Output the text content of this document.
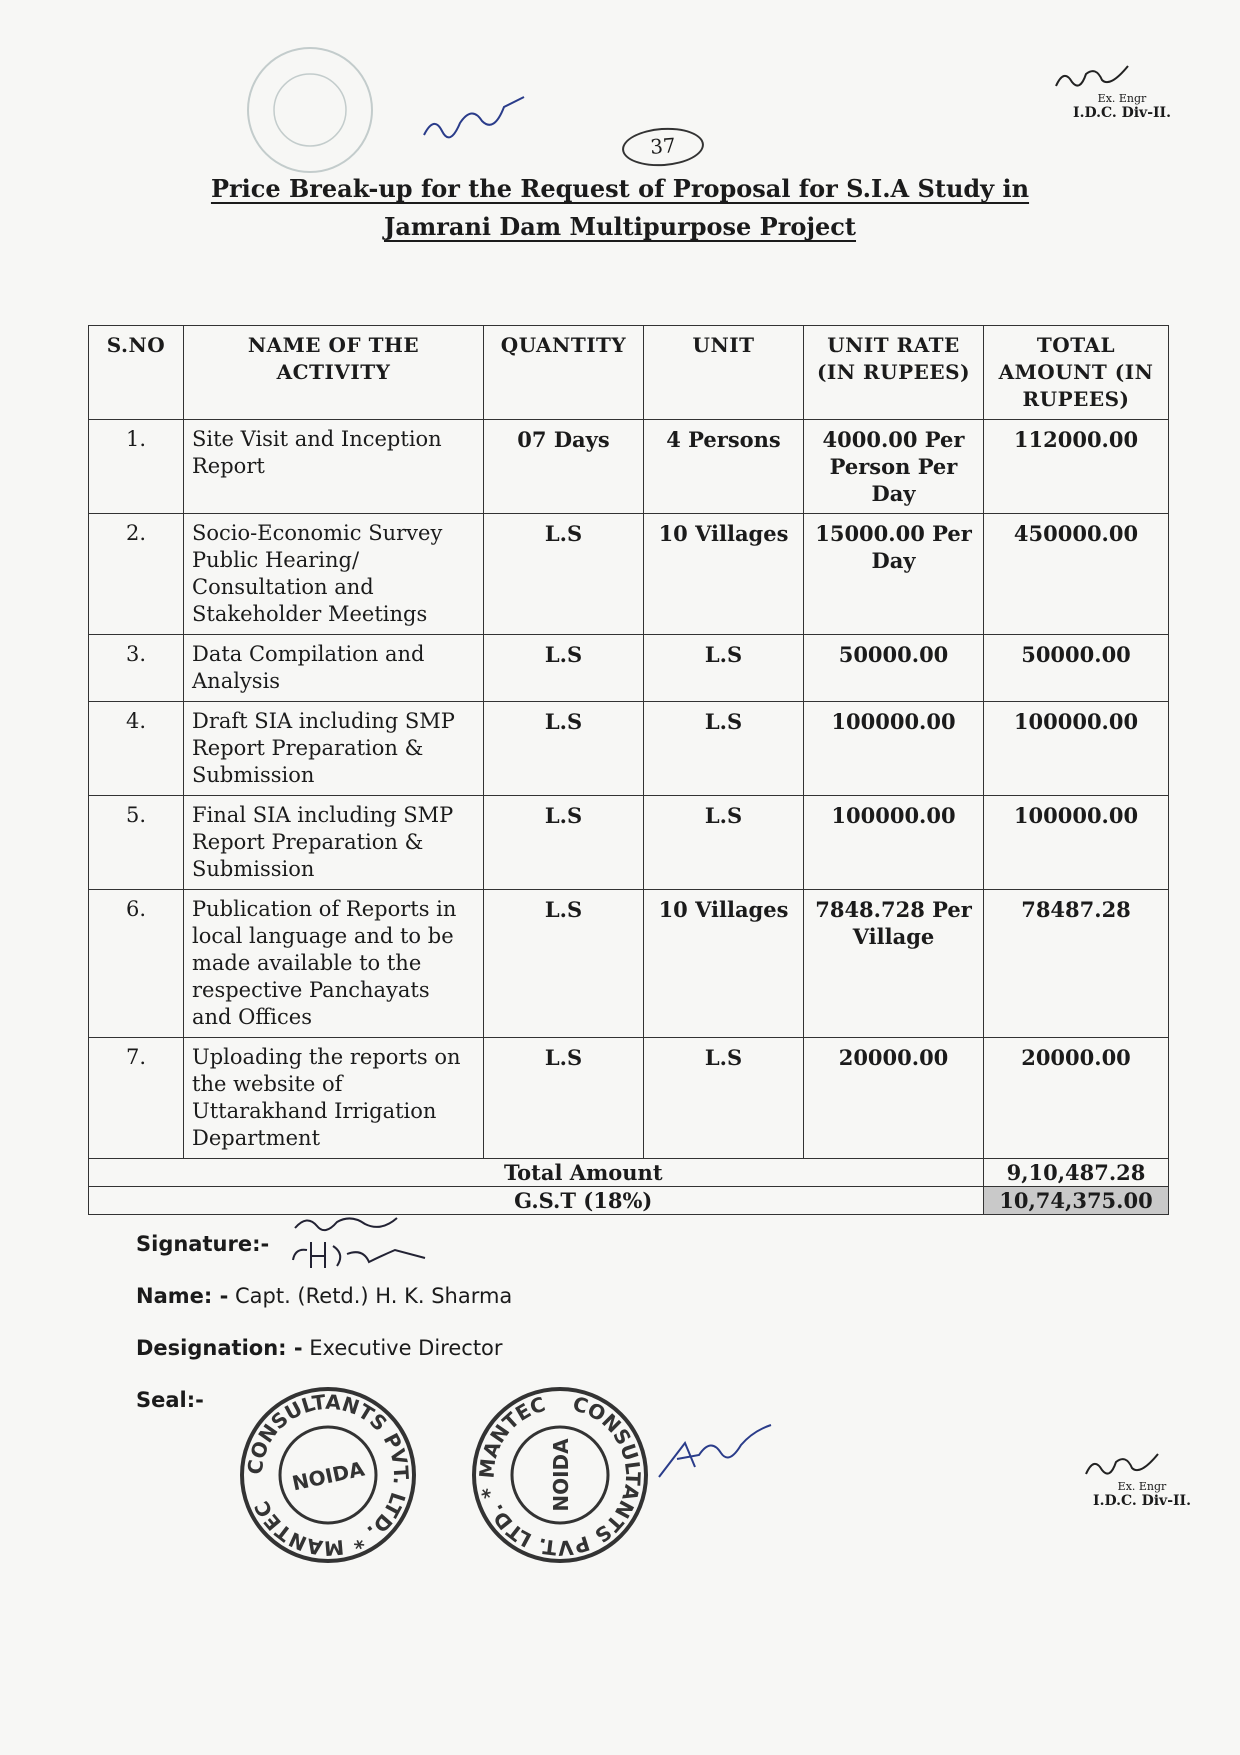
37
Ex. Engr
I.D.C. Div-II.
Price Break-up for the Request of Proposal for S.I.A Study in Jamrani Dam Multipurpose Project
S.NO	NAME OF THE ACTIVITY	QUANTITY	UNIT	UNIT RATE (IN RUPEES)	TOTAL AMOUNT (IN RUPEES)
1.	Site Visit and Inception Report	07 Days	4 Persons	4000.00 Per Person Per Day	112000.00
2.	Socio-Economic Survey Public Hearing/ Consultation and Stakeholder Meetings	L.S	10 Villages	15000.00 Per Day	450000.00
3.	Data Compilation and Analysis	L.S	L.S	50000.00	50000.00
4.	Draft SIA including SMP Report Preparation & Submission	L.S	L.S	100000.00	100000.00
5.	Final SIA including SMP Report Preparation & Submission	L.S	L.S	100000.00	100000.00
6.	Publication of Reports in local language and to be made available to the respective Panchayats and Offices	L.S	10 Villages	7848.728 Per Village	78487.28
7.	Uploading the reports on the website of Uttarakhand Irrigation Department	L.S	L.S	20000.00	20000.00
	Total Amount				9,10,487.28
	G.S.T (18%)				10,74,375.00
Signature:-
Name: - Capt. (Retd.) H. K. Sharma
Designation: - Executive Director
Seal:-
CONSULTANTS PVT. LTD. * MANTEC
NOIDA
CONSULTANTS PVT. LTD. * MANTEC
NOIDA	Ex. Engr
I.D.C. Div-II.
